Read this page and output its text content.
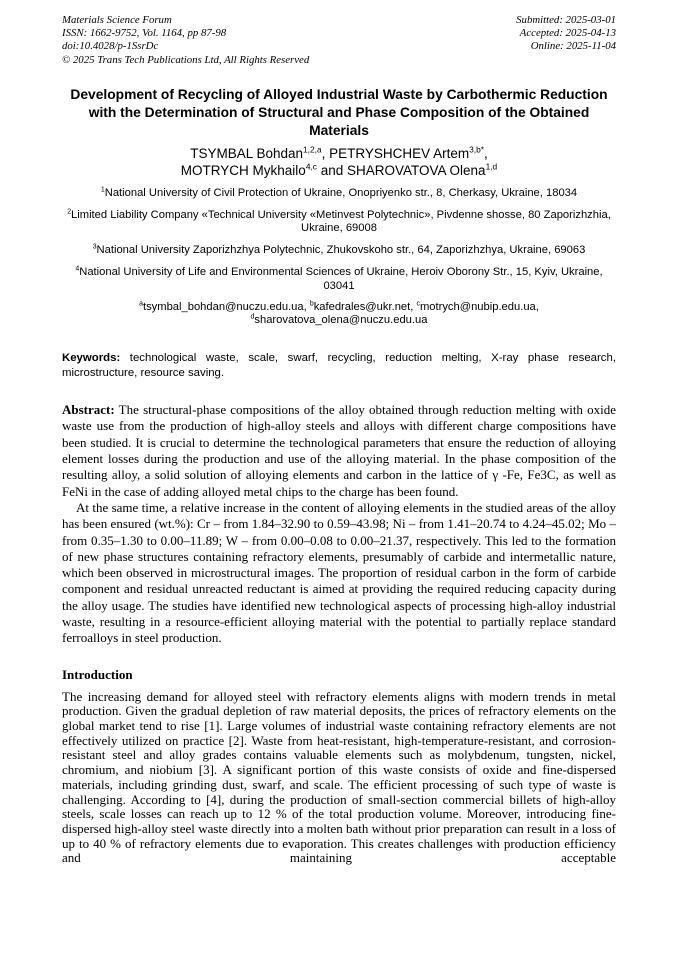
Materials Science Forum
ISSN: 1662-9752, Vol. 1164, pp 87-98
doi:10.4028/p-1SsrDc
© 2025 Trans Tech Publications Ltd, All Rights Reserved
Submitted: 2025-03-01
Accepted: 2025-04-13
Online: 2025-11-04
Development of Recycling of Alloyed Industrial Waste by Carbothermic Reduction with the Determination of Structural and Phase Composition of the Obtained Materials
TSYMBAL Bohdan$^{1,2,a}$, PETRYSHCHEV Artem$^{3,b*}$,
MOTRYCH Mykhailo$^{4,c}$ and SHAROVATOVA Olena$^{1,d}$

$^1$National University of Civil Protection of Ukraine, Onopriyenko str., 8, Cherkasy, Ukraine, 18034

$^2$Limited Liability Company «Technical University «Metinvest Polytechnic», Pivdenne shosse, 80 Zaporizhzhia, Ukraine, 69008

$^3$National University Zaporizhzhya Polytechnic, Zhukovskoho str., 64, Zaporizhzhya, Ukraine, 69063

$^4$National University of Life and Environmental Sciences of Ukraine, Heroiv Oborony Str., 15, Kyiv, Ukraine, 03041

$^a$tsymbal_bohdan@nuczu.edu.ua, $^b$kafedrales@ukr.net, $^c$motrych@nubip.edu.ua,
$^d$sharovatova_olena@nuczu.edu.ua

Keywords: technological waste, scale, swarf, recycling, reduction melting, X-ray phase research, microstructure, resource saving.

Abstract: The structural-phase compositions of the alloy obtained through reduction melting with oxide waste use from the production of high-alloy steels and alloys with different charge compositions have been studied. It is crucial to determine the technological parameters that ensure the reduction of alloying element losses during the production and use of the alloying material. In the phase composition of the resulting alloy, a solid solution of alloying elements and carbon in the lattice of γ -Fe, Fe3C, as well as FeNi in the case of adding alloyed metal chips to the charge has been found.

At the same time, a relative increase in the content of alloying elements in the studied areas of the alloy has been ensured (wt.%): Cr – from 1.84–32.90 to 0.59–43.98; Ni – from 1.41–20.74 to 4.24–45.02; Mo – from 0.35–1.30 to 0.00–11.89; W – from 0.00–0.08 to 0.00–21.37, respectively. This led to the formation of new phase structures containing refractory elements, presumably of carbide and intermetallic nature, which been observed in microstructural images. The proportion of residual carbon in the form of carbide component and residual unreacted reductant is aimed at providing the required reducing capacity during the alloy usage. The studies have identified new technological aspects of processing high-alloy industrial waste, resulting in a resource-efficient alloying material with the potential to partially replace standard ferroalloys in steel production.

Introduction

The increasing demand for alloyed steel with refractory elements aligns with modern trends in metal production. Given the gradual depletion of raw material deposits, the prices of refractory elements on the global market tend to rise [1]. Large volumes of industrial waste containing refractory elements are not effectively utilized on practice [2]. Waste from heat-resistant, high-temperature-resistant, and corrosion-resistant steel and alloy grades contains valuable elements such as molybdenum, tungsten, nickel, chromium, and niobium [3]. A significant portion of this waste consists of oxide and fine-dispersed materials, including grinding dust, swarf, and scale. The efficient processing of such type of waste is challenging. According to [4], during the production of small-section commercial billets of high-alloy steels, scale losses can reach up to 12 % of the total production volume. Moreover, introducing fine-dispersed high-alloy steel waste directly into a molten bath without prior preparation can result in a loss of up to 40 % of refractory elements due to evaporation. This creates challenges with production efficiency and maintaining acceptable
